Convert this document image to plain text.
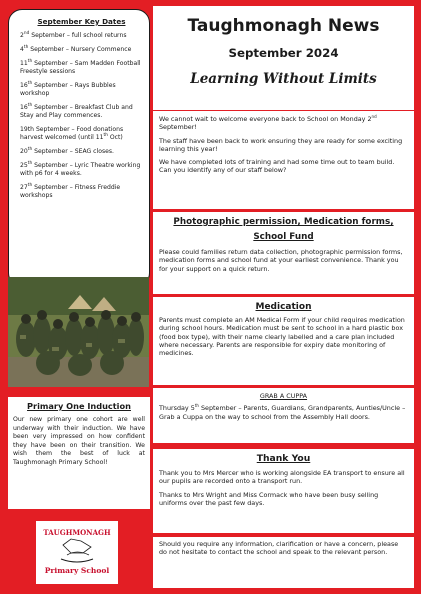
September Key Dates
2nd September – full school returns
4th September – Nursery Commence
11th September – Sam Madden Football Freestyle sessions
16th September – Rays Bubbles workshop
16th September – Breakfast Club and Stay and Play commences.
19th September – Food donations harvest welcomed (until 11th Oct)
20th September – SEAG closes.
25th September – Lyric Theatre working with p6 for 4 weeks.
27th September – Fitness Freddie workshops
Primary One Induction

Our new primary one cohort are well underway with their induction. We have been very impressed on how confident they have been on their transition. We wish them the best of luck at Taughmonagh Primary School!

TAUGHMONAGH
Primary School
Taughmonagh News
September 2024
Learning Without Limits

We cannot wait to welcome everyone back to School on Monday 2nd September!

The staff have been back to work ensuring they are ready for some exciting learning this year!

We have completed lots of training and had some time out to team build. Can you identify any of our staff below?

Photographic permission, Medication forms, School Fund

Please could families return data collection, photographic permission forms, medication forms and school fund at your earliest convenience. Thank you for your support on a quick return.

Medication

Parents must complete an AM Medical Form if your child requires medication during school hours. Medication must be sent to school in a hard plastic box (food box type), with their name clearly labelled and a care plan included where necessary. Parents are responsible for expiry date monitoring of medicines.

GRAB A CUPPA
Thursday 5th September – Parents, Guardians, Grandparents, Aunties/Uncle – Grab a Cuppa on the way to school from the Assembly Hall doors.
Thank You

Thank you to Mrs Mercer who is working alongside EA transport to ensure all our pupils are recorded onto a transport run.

Thanks to Mrs Wright and Miss Cormack who have been busy selling uniforms over the past few days.

Should you require any information, clarification or have a concern, please do not hesitate to contact the school and speak to the relevant person.
